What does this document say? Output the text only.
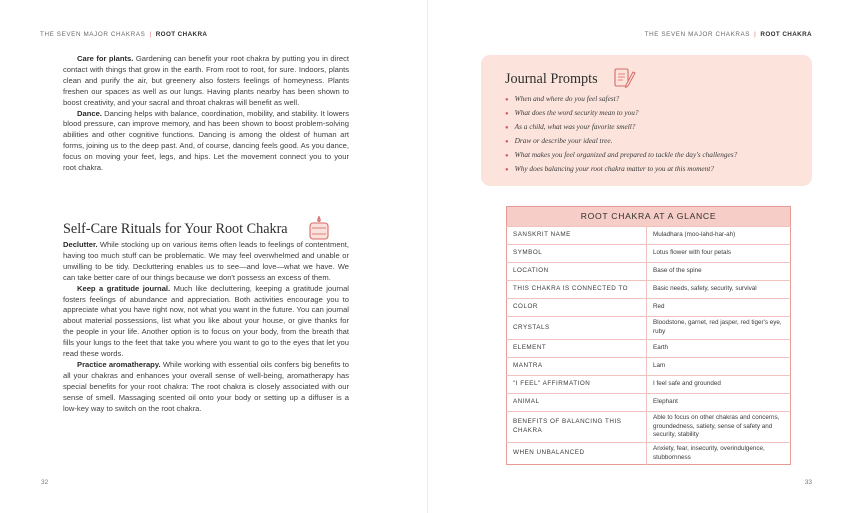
THE SEVEN MAJOR CHAKRAS | ROOT CHAKRA

Care for plants. Gardening can benefit your root chakra by putting you in direct contact with things that grow in the earth. From root to root, for sure. Indoors, plants clean and purify the air, but greenery also fosters feelings of homeyness. Plants freshen our spaces as well as our lungs. Having plants nearby has been shown to boost creativity, and your sacral and throat chakras will benefit as well.

Dance. Dancing helps with balance, coordination, mobility, and stability. It lowers blood pressure, can improve memory, and has been shown to boost problem-solving abilities and other cognitive functions. Dancing is among the oldest of human art forms, joining us to the deep past. And, of course, dancing feels good. As you dance, focus on moving your feet, legs, and hips. Let the movement connect you to your root chakra.

Self-Care Rituals for Your Root Chakra

Declutter. While stocking up on various items often leads to feelings of contentment, having too much stuff can be problematic. We may feel overwhelmed and unable or unwilling to be tidy. Decluttering enables us to see—and love—what we have. We can take better care of our things because we don't possess an excess of them.

Keep a gratitude journal. Much like decluttering, keeping a gratitude journal fosters feelings of abundance and appreciation. Both activities encourage you to appreciate what you have right now, not what you want in the future. You can journal about material possessions, list what you like about your house, or give thanks for the people in your life. Another option is to focus on your body, from the breath that fills your lungs to the feet that take you where you want to go to the eyes that let you read these words.

Practice aromatherapy. While working with essential oils confers big benefits to all your chakras and enhances your overall sense of well-being, aromatherapy has special benefits for your root chakra: The root chakra is closely associated with our sense of smell. Massaging scented oil onto your body or setting up a diffuser is a low-key way to switch on the root chakra.

32
THE SEVEN MAJOR CHAKRAS | ROOT CHAKRA
Journal Prompts
● When and where do you feel safest?
● What does the word security mean to you?
● As a child, what was your favorite smell?
● Draw or describe your ideal tree.
● What makes you feel organized and prepared to tackle the day's challenges?
● Why does balancing your root chakra matter to you at this moment?
ROOT CHAKRA AT A GLANCE
SANSKRIT NAME	Muladhara (moo-lahd-har-ah)
SYMBOL	Lotus flower with four petals
LOCATION	Base of the spine
THIS CHAKRA IS CONNECTED TO	Basic needs, safety, security, survival
COLOR	Red
CRYSTALS	Bloodstone, garnet, red jasper, red tiger's eye, ruby
ELEMENT	Earth
MANTRA	Lam
"I FEEL" AFFIRMATION	I feel safe and grounded
ANIMAL	Elephant
BENEFITS OF BALANCING THIS CHAKRA	Able to focus on other chakras and concerns, groundedness, satiety, sense of safety and security, stability
WHEN UNBALANCED	Anxiety, fear, insecurity, overindulgence, stubbornness
33
